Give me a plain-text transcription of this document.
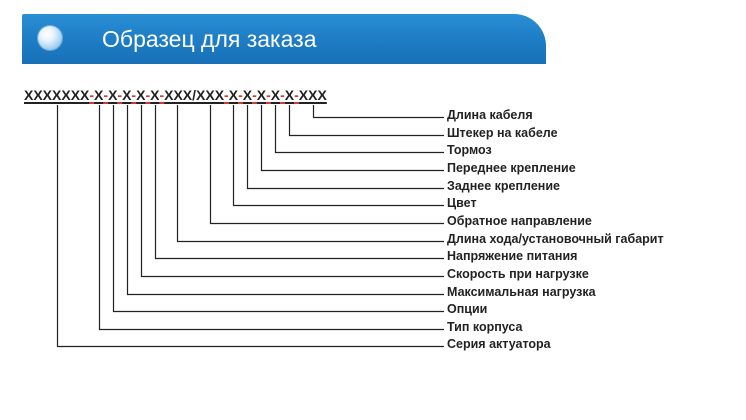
Образец для заказа
XXXXXXX-X-X-X-X-X-XXX/XXX-X-X-X-X-X-XXX
Длина кабеля
Штекер на кабеле
Тормоз
Переднее крепление
Заднее крепление
Цвет
Обратное направление
Длина хода/установочный габарит
Напряжение питания
Скорость при нагрузке
Максимальная нагрузка
Опции
Тип корпуса
Серия актуатора
